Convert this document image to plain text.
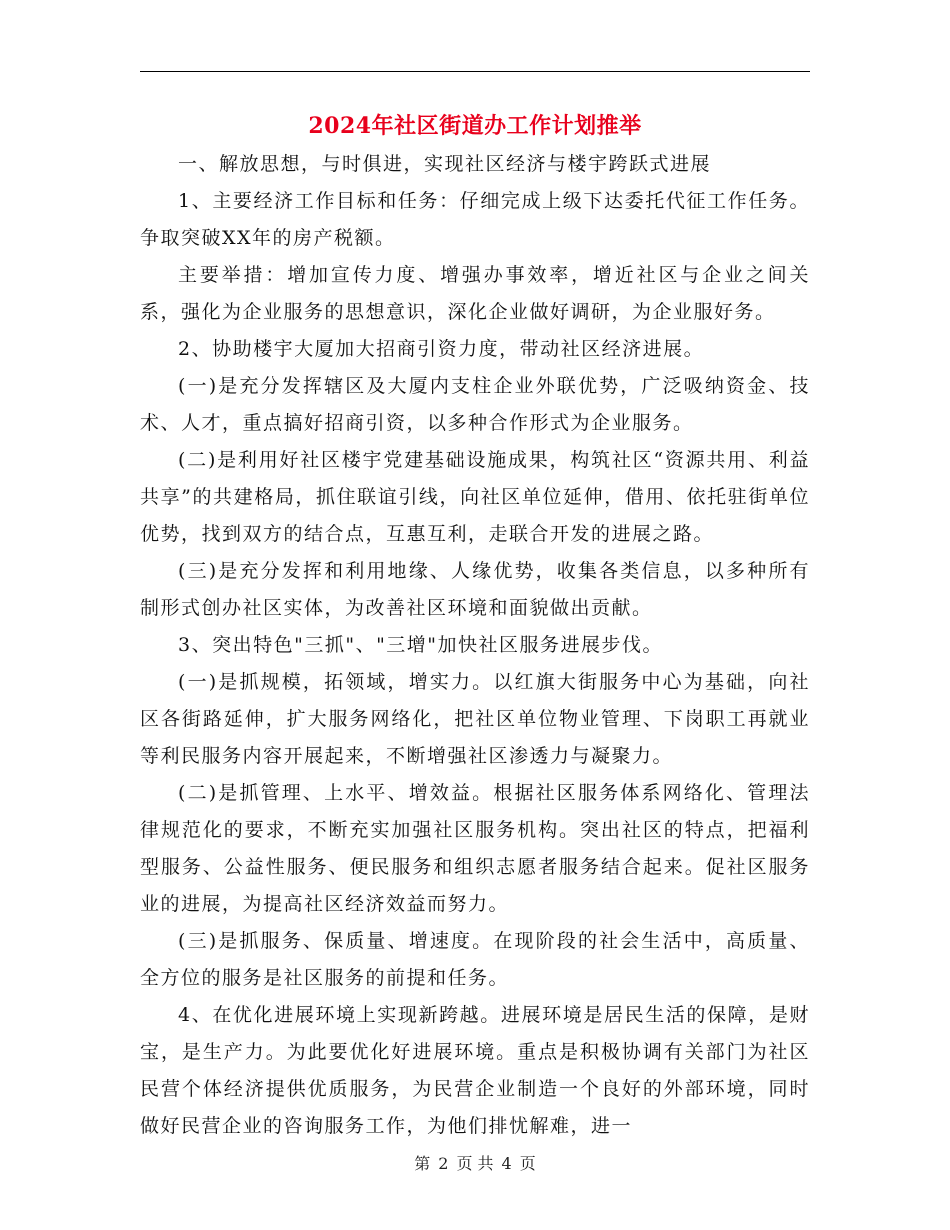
2024年社区街道办工作计划推举

一、解放思想，与时俱进，实现社区经济与楼宇跨跃式进展

1、主要经济工作目标和任务：仔细完成上级下达委托代征工作任务。争取突破XX年的房产税额。

主要举措：增加宣传力度、增强办事效率，增近社区与企业之间关系，强化为企业服务的思想意识，深化企业做好调研，为企业服好务。

2、协助楼宇大厦加大招商引资力度，带动社区经济进展。

(一)是充分发挥辖区及大厦内支柱企业外联优势，广泛吸纳资金、技术、人才，重点搞好招商引资，以多种合作形式为企业服务。

(二)是利用好社区楼宇党建基础设施成果，构筑社区“资源共用、利益共享”的共建格局，抓住联谊引线，向社区单位延伸，借用、依托驻街单位优势，找到双方的结合点，互惠互利，走联合开发的进展之路。

(三)是充分发挥和利用地缘、人缘优势，收集各类信息，以多种所有制形式创办社区实体，为改善社区环境和面貌做出贡献。

3、突出特色"三抓"、"三增"加快社区服务进展步伐。

(一)是抓规模，拓领域，增实力。以红旗大街服务中心为基础，向社区各街路延伸，扩大服务网络化，把社区单位物业管理、下岗职工再就业等利民服务内容开展起来，不断增强社区渗透力与凝聚力。

(二)是抓管理、上水平、增效益。根据社区服务体系网络化、管理法律规范化的要求，不断充实加强社区服务机构。突出社区的特点，把福利型服务、公益性服务、便民服务和组织志愿者服务结合起来。促社区服务业的进展，为提高社区经济效益而努力。

(三)是抓服务、保质量、增速度。在现阶段的社会生活中，高质量、全方位的服务是社区服务的前提和任务。

4、在优化进展环境上实现新跨越。进展环境是居民生活的保障，是财宝，是生产力。为此要优化好进展环境。重点是积极协调有关部门为社区民营个体经济提供优质服务，为民营企业制造一个良好的外部环境，同时做好民营企业的咨询服务工作，为他们排忧解难，进一

第 2 页 共 4 页
